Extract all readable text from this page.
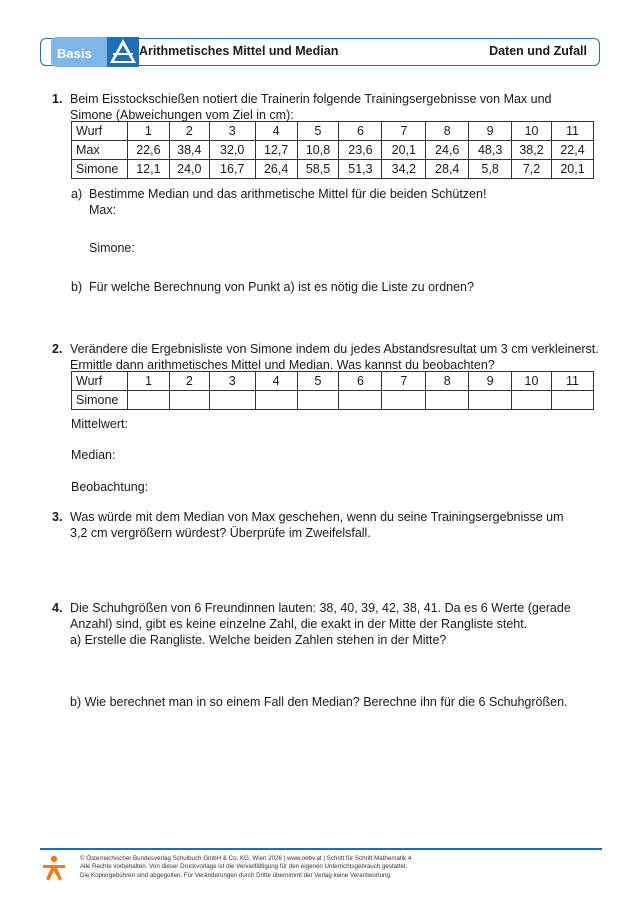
Basis	Arithmetisches Mittel und Median	Daten und Zufall
1. Beim Eisstockschießen notiert die Trainerin folgende Trainingsergebnisse von Max und
Simone (Abweichungen vom Ziel in cm):
Wurf	1	2	3	4	5	6	7	8	9	10	11
Max	22,6	38,4	32,0	12,7	10,8	23,6	20,1	24,6	48,3	38,2	22,4
Simone	12,1	24,0	16,7	26,4	58,5	51,3	34,2	28,4	5,8	7,2	20,1
a) Bestimme Median und das arithmetische Mittel für die beiden Schützen!
Max:
Simone:
b) Für welche Berechnung von Punkt a) ist es nötig die Liste zu ordnen?
2. Verändere die Ergebnisliste von Simone indem du jedes Abstandsresultat um 3 cm verkleinerst.
Ermittle dann arithmetisches Mittel und Median. Was kannst du beobachten?
Wurf	1	2	3	4	5	6	7	8	9	10	11
Simone											
Mittelwert:
Median:
Beobachtung:
3. Was würde mit dem Median von Max geschehen, wenn du seine Trainingsergebnisse um
3,2 cm vergrößern würdest? Überprüfe im Zweifelsfall.
4. Die Schuhgrößen von 6 Freundinnen lauten: 38, 40, 39, 42, 38, 41. Da es 6 Werte (gerade
Anzahl) sind, gibt es keine einzelne Zahl, die exakt in der Mitte der Rangliste steht.
a) Erstelle die Rangliste. Welche beiden Zahlen stehen in der Mitte?
b) Wie berechnet man in so einem Fall den Median? Berechne ihn für die 6 Schuhgrößen.
© Österreichischer Bundesverlag Schulbuch GmbH & Co. KG, Wien 2026 | www.oebv.at | Schritt für Schritt Mathematik 4
Alle Rechte vorbehalten. Von dieser Druckvorlage ist die Vervielfältigung für den eigenen Unterrichtsgebrauch gestattet.
Die Kopiergebühren sind abgegolten. Für Veränderungen durch Dritte übernimmt der Verlag keine Verantwortung.
